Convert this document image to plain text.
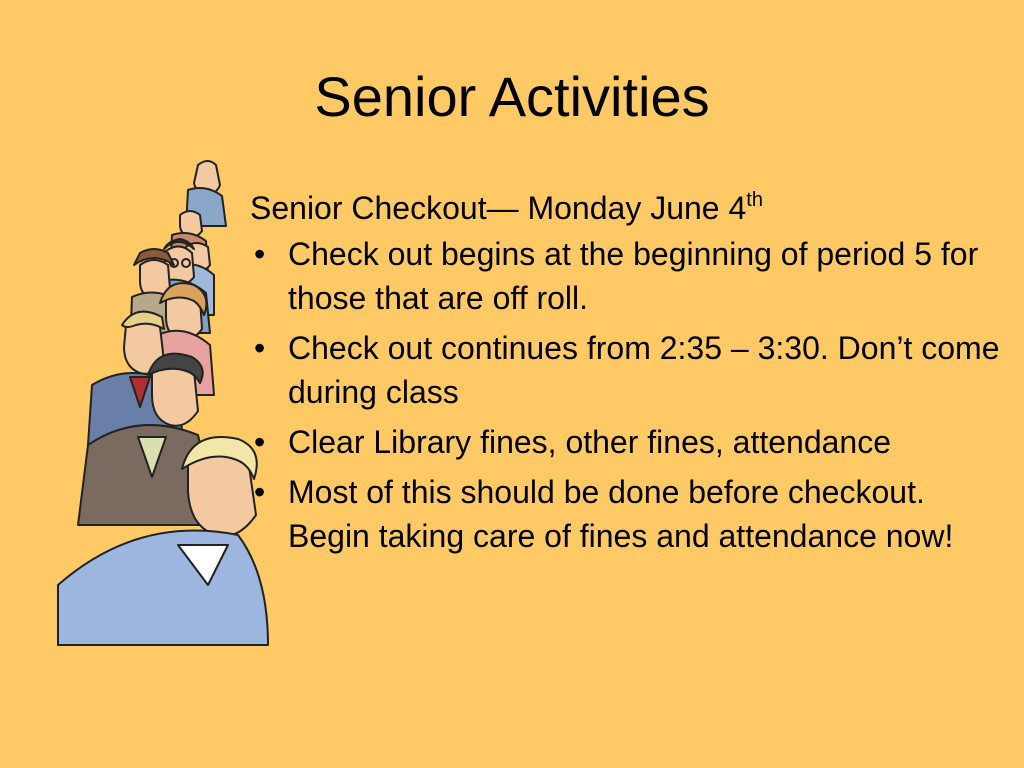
Senior Activities
Senior Checkout— Monday June 4th
• Check out begins at the beginning of period 5 for those that are off roll.
• Check out continues from 2:35 – 3:30. Don’t come during class
• Clear Library fines, other fines, attendance
• Most of this should be done before checkout. Begin taking care of fines and attendance now!
